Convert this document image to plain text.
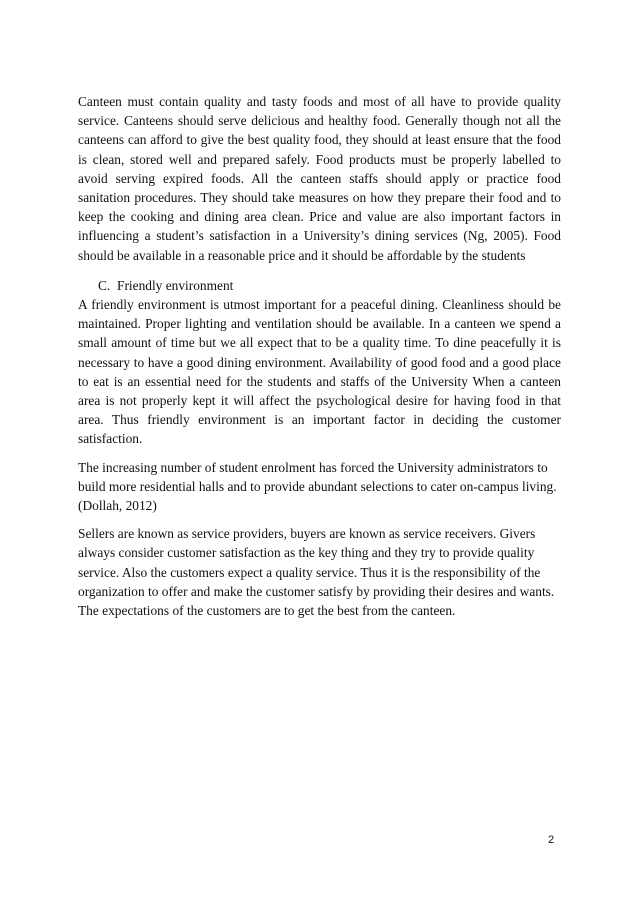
Canteen must contain quality and tasty foods and most of all have to provide quality service. Canteens should serve delicious and healthy food. Generally though not all the canteens can afford to give the best quality food, they should at least ensure that the food is clean, stored well and prepared safely. Food products must be properly labelled to avoid serving expired foods. All the canteen staffs should apply or practice food sanitation procedures. They should take measures on how they prepare their food and to keep the cooking and dining area clean. Price and value are also important factors in influencing a student’s satisfaction in a University’s dining services (Ng, 2005). Food should be available in a reasonable price and it should be affordable by the students

C. Friendly environment

A friendly environment is utmost important for a peaceful dining. Cleanliness should be maintained. Proper lighting and ventilation should be available. In a canteen we spend a small amount of time but we all expect that to be a quality time. To dine peacefully it is necessary to have a good dining environment. Availability of good food and a good place to eat is an essential need for the students and staffs of the University When a canteen area is not properly kept it will affect the psychological desire for having food in that area. Thus friendly environment is an important factor in deciding the customer satisfaction.

The increasing number of student enrolment has forced the University administrators to build more residential halls and to provide abundant selections to cater on-campus living. (Dollah, 2012)

Sellers are known as service providers, buyers are known as service receivers. Givers always consider customer satisfaction as the key thing and they try to provide quality service. Also the customers expect a quality service. Thus it is the responsibility of the organization to offer and make the customer satisfy by providing their desires and wants. The expectations of the customers are to get the best from the canteen.

2
